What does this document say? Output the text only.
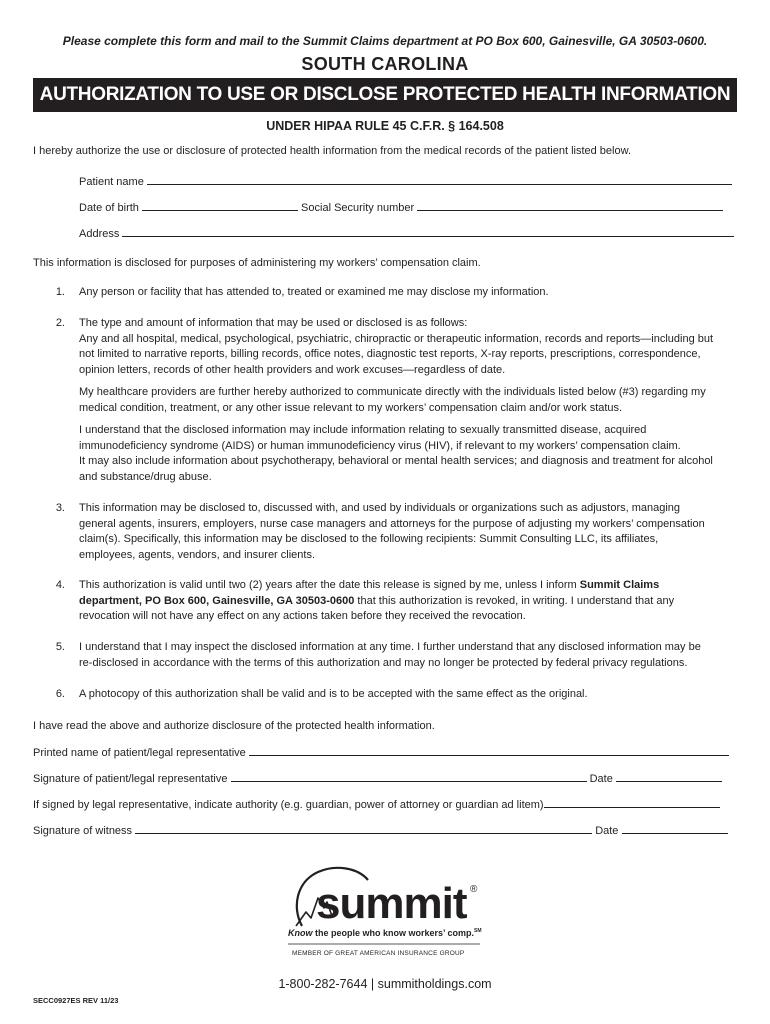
Please complete this form and mail to the Summit Claims department at PO Box 600, Gainesville, GA 30503-0600.
SOUTH CAROLINA
AUTHORIZATION TO USE OR DISCLOSE PROTECTED HEALTH INFORMATION
UNDER HIPAA RULE 45 C.F.R. § 164.508
I hereby authorize the use or disclosure of protected health information from the medical records of the patient listed below.
Patient name
Date of birth	Social Security number
Address
This information is disclosed for purposes of administering my workers’ compensation claim.
1. Any person or facility that has attended to, treated or examined me may disclose my information.
2. The type and amount of information that may be used or disclosed is as follows:
Any and all hospital, medical, psychological, psychiatric, chiropractic or therapeutic information, records and reports—including but
not limited to narrative reports, billing records, office notes, diagnostic test reports, X-ray reports, prescriptions, correspondence,
opinion letters, records of other health providers and work excuses—regardless of date.
My healthcare providers are further hereby authorized to communicate directly with the individuals listed below (#3) regarding my
medical condition, treatment, or any other issue relevant to my workers’ compensation claim and/or work status.
I understand that the disclosed information may include information relating to sexually transmitted disease, acquired
immunodeficiency syndrome (AIDS) or human immunodeficiency virus (HIV), if relevant to my workers’ compensation claim.
It may also include information about psychotherapy, behavioral or mental health services; and diagnosis and treatment for alcohol
and substance/drug abuse.
3. This information may be disclosed to, discussed with, and used by individuals or organizations such as adjustors, managing
general agents, insurers, employers, nurse case managers and attorneys for the purpose of adjusting my workers’ compensation
claim(s). Specifically, this information may be disclosed to the following recipients: Summit Consulting LLC, its affiliates,
employees, agents, vendors, and insurer clients.
4. This authorization is valid until two (2) years after the date this release is signed by me, unless I inform Summit Claims
department, PO Box 600, Gainesville, GA 30503-0600 that this authorization is revoked, in writing. I understand that any
revocation will not have any effect on any actions taken before they received the revocation.
5. I understand that I may inspect the disclosed information at any time. I further understand that any disclosed information may be
re-disclosed in accordance with the terms of this authorization and may no longer be protected by federal privacy regulations.
6. A photocopy of this authorization shall be valid and is to be accepted with the same effect as the original.
I have read the above and authorize disclosure of the protected health information.
Printed name of patient/legal representative
Signature of patient/legal representative	Date
If signed by legal representative, indicate authority (e.g. guardian, power of attorney or guardian ad litem)
Signature of witness	Date
summit ®
Know the people who know workers’ comp.℠
MEMBER OF GREAT AMERICAN INSURANCE GROUP
1-800-282-7644 | summitholdings.com
SECC0927ES REV 11/23
